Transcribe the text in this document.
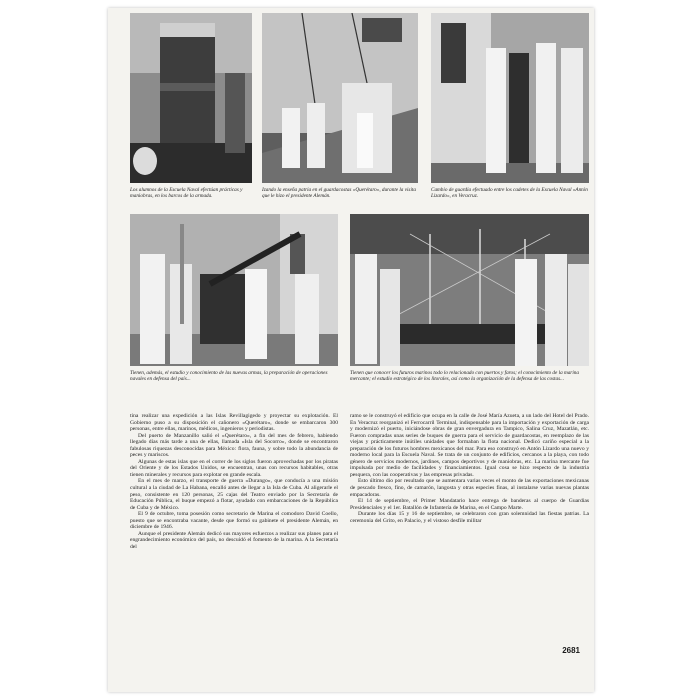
Los alumnos de la Escuela Naval efectúan prácticas y maniobras, en los barcos de la armada.

Izando la enseña patria en el guardacostas «Querétaro», durante la visita que le hizo el presidente Alemán.

Cambio de guardia efectuado entre los cadetes de la Escuela Naval «Antón Lizardo», en Veracruz.

Tienen, además, el estudio y conocimiento de las nuevas armas, la preparación de operaciones navales en defensa del país...

Tienen que conocer los futuros marinos todo lo relacionado con puertos y faros; el conocimiento de la marina mercante; el estudio estratégico de los litorales, así como la organización de la defensa de las costas...

tina realizar una expedición a las Islas Revillagigedo y proyectar su explotación. El Gobierno puso a su disposición el cañonero «Querétaro», donde se embarcaron 300 personas, entre ellas, marinos, médicos, ingenieros y periodistas.

Del puerto de Manzanillo salió el «Querétaro», a fin del mes de febrero, habiendo llegado días más tarde a una de ellas, llamada «Isla del Socorro», donde se encontraron fabulosas riquezas desconocidas para México: flora, fauna, y sobre todo la abundancia de peces y mariscos.

Algunas de estas islas que en el correr de los siglos fueron aprovechadas por los piratas del Oriente y de los Estados Unidos, se encuentran, unas con recursos habitables, otras tienen minerales y recursos para explotar en grande escala.

En el mes de marzo, el transporte de guerra «Durango», que conducía a una misión cultural a la ciudad de La Habana, encalló antes de llegar a la Isla de Cuba. Al aligerarle el peso, consistente en 120 personas, 25 cajas del Teatro enviado por la Secretaría de Educación Pública, el buque empezó a flotar, ayudado con embarcaciones de la República de Cuba y de México.

El 9 de octubre, toma posesión como secretario de Marina el comodoro David Coello, puesto que se encontraba vacante, desde que formó su gabinete el presidente Alemán, en diciembre de 1946.

Aunque el presidente Alemán dedicó sus mayores esfuerzos a realizar sus planes para el engrandecimiento económico del país, no descuidó el fomento de la marina. A la Secretaría del

ramo se le construyó el edificio que ocupa en la calle de José María Azueta, a un lado del Hotel del Prado. En Veracruz reorganizó el Ferrocarril Terminal, indispensable para la importación y exportación de carga y modernizó el puerto, iniciándose obras de gran envergadura en Tampico, Salina Cruz, Mazatlán, etc. Fueron compradas unas series de buques de guerra para el servicio de guardacostas, en reemplazo de las viejas y prácticamente inútiles unidades que formaban la flota nacional. Dedicó cariño especial a la preparación de los futuros hombres mexicanos del mar. Para eso construyó en Antón Lizardo una nuevo y moderno local para la Escuela Naval. Se trata de un conjunto de edificios, cercanos a la playa, con todo género de servicios modernos, jardines, campos deportivos y de maniobras, etc. La marina mercante fue impulsada por medio de facilidades y financiamientos. Igual cosa se hizo respecto de la industria pesquera, con las cooperativas y las empresas privadas.

Esto último dio por resultado que se aumentara varias veces el monto de las exportaciones mexicanas de pescado fresco, fino, de camarón, langosta y otras especies finas, al instalarse varias nuevas plantas empacadoras.

El 14 de septiembre, el Primer Mandatario hace entrega de banderas al cuerpo de Guardias Presidenciales y el 1er. Batallón de Infantería de Marina, en el Campo Marte.

Durante los días 15 y 16 de septiembre, se celebraron con gran solemnidad las fiestas patrias. La ceremonia del Grito, en Palacio, y el vistoso desfile militar

2681
